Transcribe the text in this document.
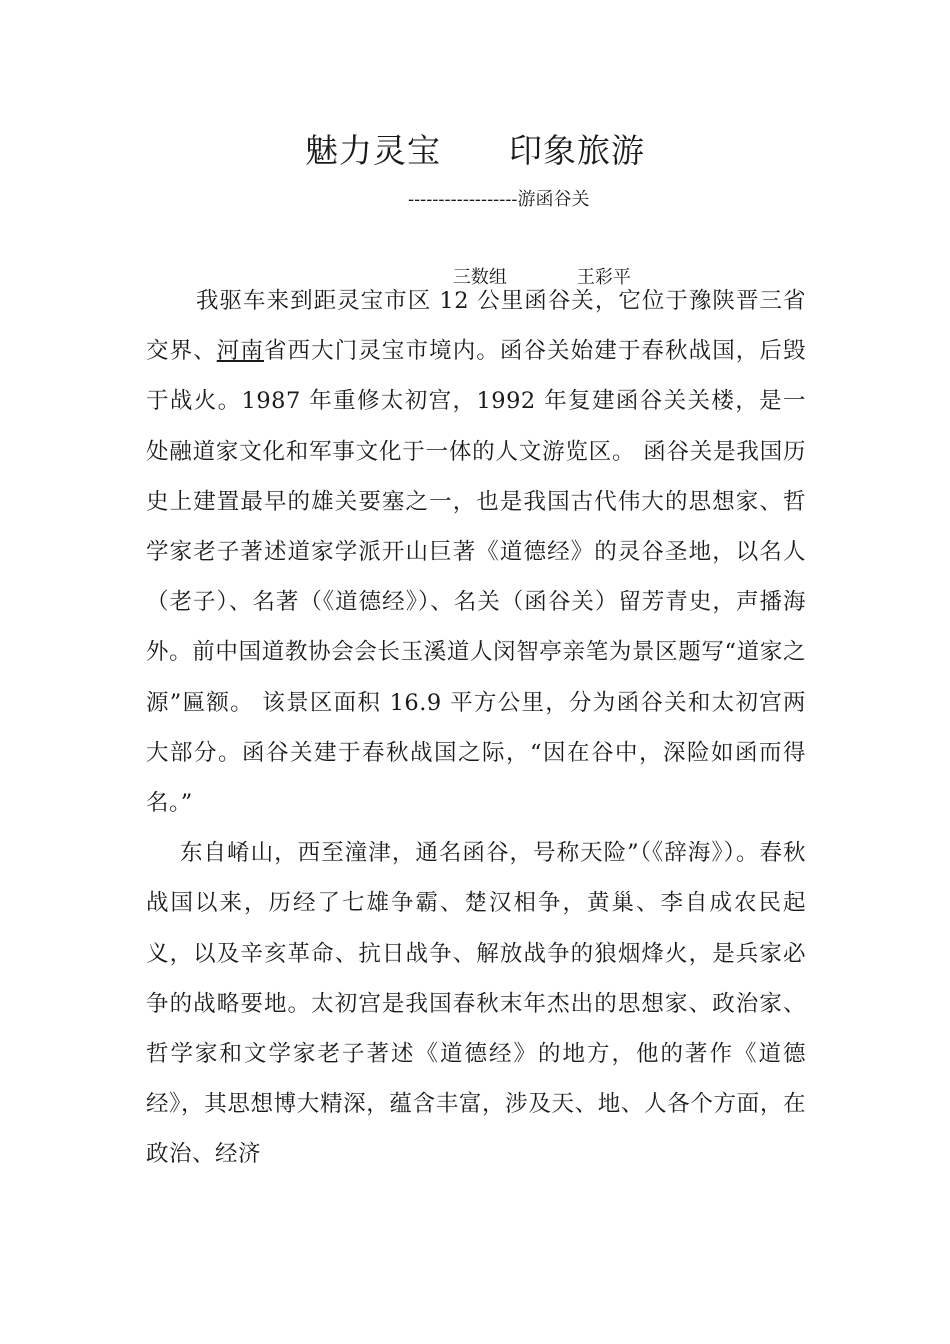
魅力灵宝　　印象旅游
------------------游函谷关

三数组	王彩平

我驱车来到距灵宝市区 12 公里函谷关，它位于豫陕晋三省交界、河南省西大门灵宝市境内。函谷关始建于春秋战国，后毁于战火。1987 年重修太初宫，1992 年复建函谷关关楼，是一处融道家文化和军事文化于一体的人文游览区。 函谷关是我国历史上建置最早的雄关要塞之一，也是我国古代伟大的思想家、哲学家老子著述道家学派开山巨著《道德经》的灵谷圣地，以名人（老子）、名著（《道德经》）、名关（函谷关）留芳青史，声播海外。前中国道教协会会长玉溪道人闵智亭亲笔为景区题写“道家之源”匾额。 该景区面积 16.9 平方公里，分为函谷关和太初宫两大部分。函谷关建于春秋战国之际，“因在谷中，深险如函而得名。”

东自崤山，西至潼津，通名函谷，号称天险”（《辞海》）。春秋战国以来，历经了七雄争霸、楚汉相争，黄巢、李自成农民起义，以及辛亥革命、抗日战争、解放战争的狼烟烽火，是兵家必争的战略要地。太初宫是我国春秋末年杰出的思想家、政治家、哲学家和文学家老子著述《道德经》的地方，他的著作《道德经》，其思想博大精深，蕴含丰富，涉及天、地、人各个方面，在政治、经济
